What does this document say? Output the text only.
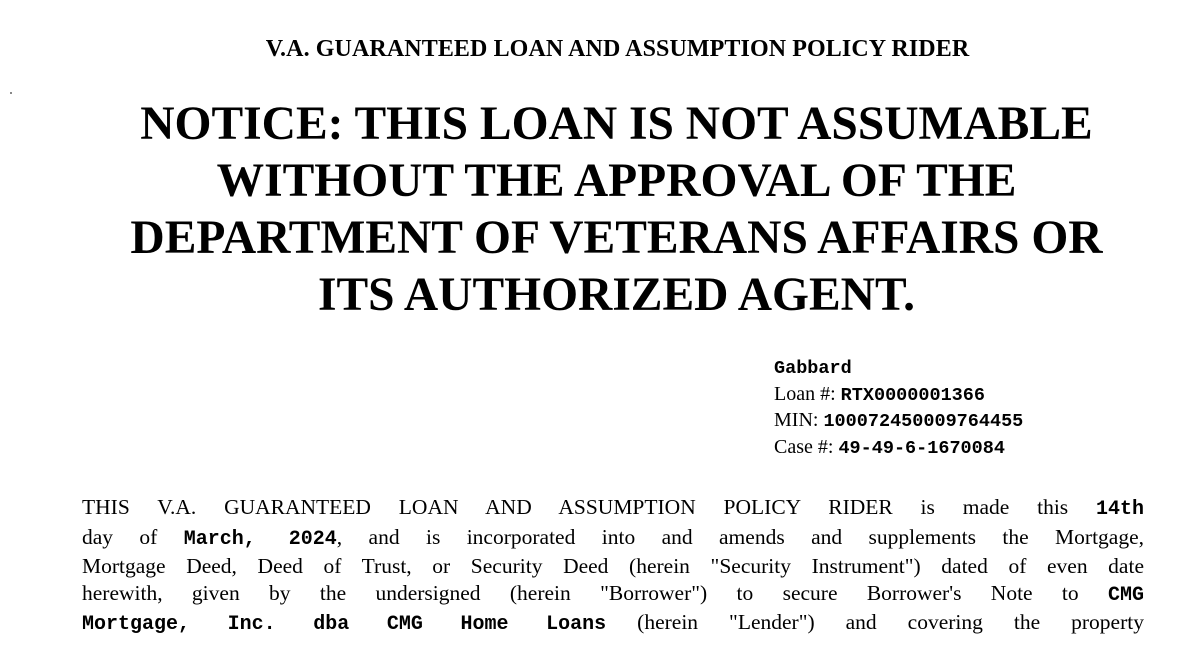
V.A. GUARANTEED LOAN AND ASSUMPTION POLICY RIDER
NOTICE: THIS LOAN IS NOT ASSUMABLE
WITHOUT THE APPROVAL OF THE
DEPARTMENT OF VETERANS AFFAIRS OR
ITS AUTHORIZED AGENT.
Gabbard
Loan #: RTX0000001366
MIN: 100072450009764455
Case #: 49-49-6-1670084
THIS V.A. GUARANTEED LOAN AND ASSUMPTION POLICY RIDER is made this 14th
day of March, 2024, and is incorporated into and amends and supplements the Mortgage,
Mortgage Deed, Deed of Trust, or Security Deed (herein "Security Instrument") dated of even date
herewith, given by the undersigned (herein "Borrower") to secure Borrower's Note to CMG
Mortgage, Inc. dba CMG Home Loans (herein "Lender") and covering the property
